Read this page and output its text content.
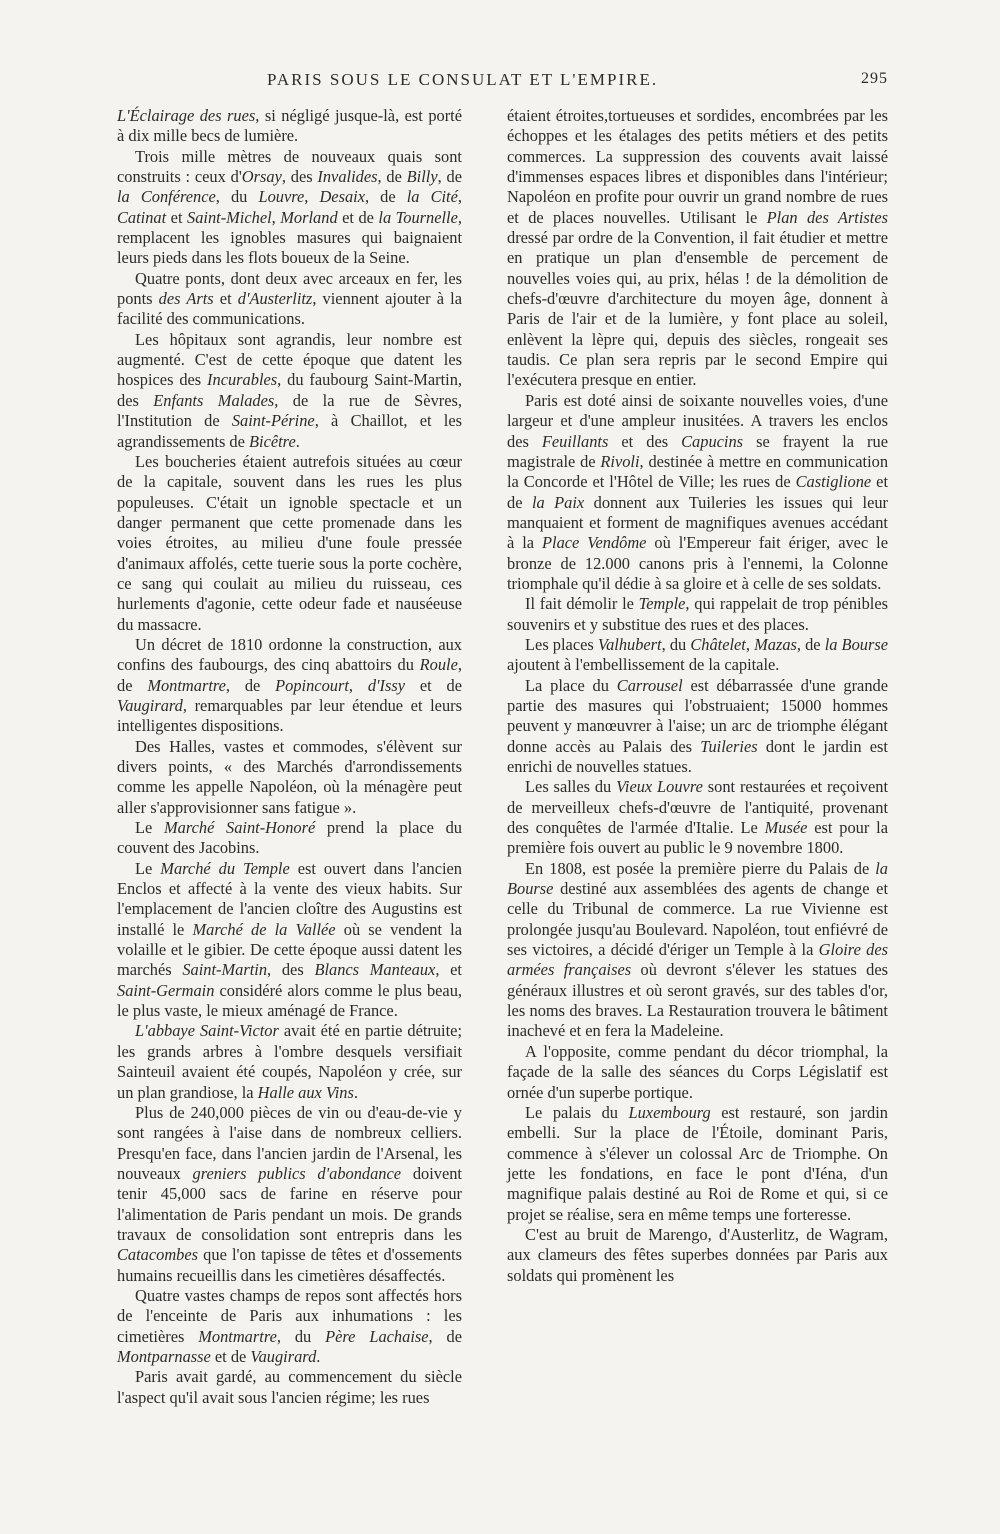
PARIS SOUS LE CONSULAT ET L'EMPIRE.	295

L'Éclairage des rues, si négligé jusque-là, est porté à dix mille becs de lumière.

Trois mille mètres de nouveaux quais sont construits : ceux d'Orsay, des Invalides, de Billy, de la Conférence, du Louvre, Desaix, de la Cité, Catinat et Saint-Michel, Morland et de la Tournelle, remplacent les ignobles masures qui baignaient leurs pieds dans les flots boueux de la Seine.

Quatre ponts, dont deux avec arceaux en fer, les ponts des Arts et d'Austerlitz, viennent ajouter à la facilité des communications.

Les hôpitaux sont agrandis, leur nombre est augmenté. C'est de cette époque que datent les hospices des Incurables, du faubourg Saint-Martin, des Enfants Malades, de la rue de Sèvres, l'Institution de Saint-Périne, à Chaillot, et les agrandissements de Bicêtre.

Les boucheries étaient autrefois situées au cœur de la capitale, souvent dans les rues les plus populeuses. C'était un ignoble spectacle et un danger permanent que cette promenade dans les voies étroites, au milieu d'une foule pressée d'animaux affolés, cette tuerie sous la porte cochère, ce sang qui coulait au milieu du ruisseau, ces hurlements d'agonie, cette odeur fade et nauséeuse du massacre.

Un décret de 1810 ordonne la construction, aux confins des faubourgs, des cinq abattoirs du Roule, de Montmartre, de Popincourt, d'Issy et de Vaugirard, remarquables par leur étendue et leurs intelligentes dispositions.

Des Halles, vastes et commodes, s'élèvent sur divers points, « des Marchés d'arrondissements comme les appelle Napoléon, où la ménagère peut aller s'approvisionner sans fatigue ».

Le Marché Saint-Honoré prend la place du couvent des Jacobins.

Le Marché du Temple est ouvert dans l'ancien Enclos et affecté à la vente des vieux habits. Sur l'emplacement de l'ancien cloître des Augustins est installé le Marché de la Vallée où se vendent la volaille et le gibier. De cette époque aussi datent les marchés Saint-Martin, des Blancs Manteaux, et Saint-Germain considéré alors comme le plus beau, le plus vaste, le mieux aménagé de France.

L'abbaye Saint-Victor avait été en partie détruite; les grands arbres à l'ombre desquels versifiait Sainteuil avaient été coupés, Napoléon y crée, sur un plan grandiose, la Halle aux Vins.

Plus de 240,000 pièces de vin ou d'eau-de-vie y sont rangées à l'aise dans de nombreux celliers. Presqu'en face, dans l'ancien jardin de l'Arsenal, les nouveaux greniers publics d'abondance doivent tenir 45,000 sacs de farine en réserve pour l'alimentation de Paris pendant un mois. De grands travaux de consolidation sont entrepris dans les Catacombes que l'on tapisse de têtes et d'ossements humains recueillis dans les cimetières désaffectés.

Quatre vastes champs de repos sont affectés hors de l'enceinte de Paris aux inhumations : les cimetières Montmartre, du Père Lachaise, de Montparnasse et de Vaugirard.

Paris avait gardé, au commencement du siècle l'aspect qu'il avait sous l'ancien régime; les rues

étaient étroites,tortueuses et sordides, encombrées par les échoppes et les étalages des petits métiers et des petits commerces. La suppression des couvents avait laissé d'immenses espaces libres et disponibles dans l'intérieur; Napoléon en profite pour ouvrir un grand nombre de rues et de places nouvelles. Utilisant le Plan des Artistes dressé par ordre de la Convention, il fait étudier et mettre en pratique un plan d'ensemble de percement de nouvelles voies qui, au prix, hélas ! de la démolition de chefs-d'œuvre d'architecture du moyen âge, donnent à Paris de l'air et de la lumière, y font place au soleil, enlèvent la lèpre qui, depuis des siècles, rongeait ses taudis. Ce plan sera repris par le second Empire qui l'exécutera presque en entier.

Paris est doté ainsi de soixante nouvelles voies, d'une largeur et d'une ampleur inusitées. A travers les enclos des Feuillants et des Capucins se frayent la rue magistrale de Rivoli, destinée à mettre en communication la Concorde et l'Hôtel de Ville; les rues de Castiglione et de la Paix donnent aux Tuileries les issues qui leur manquaient et forment de magnifiques avenues accédant à la Place Vendôme où l'Empereur fait ériger, avec le bronze de 12.000 canons pris à l'ennemi, la Colonne triomphale qu'il dédie à sa gloire et à celle de ses soldats.

Il fait démolir le Temple, qui rappelait de trop pénibles souvenirs et y substitue des rues et des places.

Les places Valhubert, du Châtelet, Mazas, de la Bourse ajoutent à l'embellissement de la capitale.

La place du Carrousel est débarrassée d'une grande partie des masures qui l'obstruaient; 15000 hommes peuvent y manœuvrer à l'aise; un arc de triomphe élégant donne accès au Palais des Tuileries dont le jardin est enrichi de nouvelles statues.

Les salles du Vieux Louvre sont restaurées et reçoivent de merveilleux chefs-d'œuvre de l'antiquité, provenant des conquêtes de l'armée d'Italie. Le Musée est pour la première fois ouvert au public le 9 novembre 1800.

En 1808, est posée la première pierre du Palais de la Bourse destiné aux assemblées des agents de change et celle du Tribunal de commerce. La rue Vivienne est prolongée jusqu'au Boulevard. Napoléon, tout enfiévré de ses victoires, a décidé d'ériger un Temple à la Gloire des armées françaises où devront s'élever les statues des généraux illustres et où seront gravés, sur des tables d'or, les noms des braves. La Restauration trouvera le bâtiment inachevé et en fera la Madeleine.

A l'opposite, comme pendant du décor triomphal, la façade de la salle des séances du Corps Législatif est ornée d'un superbe portique.

Le palais du Luxembourg est restauré, son jardin embelli. Sur la place de l'Étoile, dominant Paris, commence à s'élever un colossal Arc de Triomphe. On jette les fondations, en face le pont d'Iéna, d'un magnifique palais destiné au Roi de Rome et qui, si ce projet se réalise, sera en même temps une forteresse.

C'est au bruit de Marengo, d'Austerlitz, de Wagram, aux clameurs des fêtes superbes données par Paris aux soldats qui promènent les
